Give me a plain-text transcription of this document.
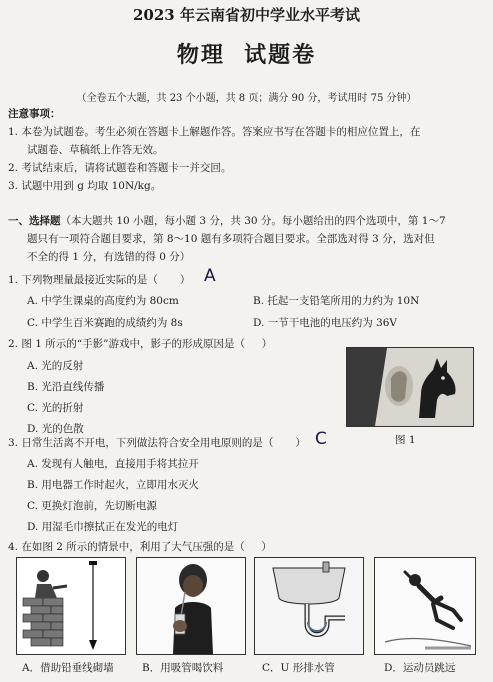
2023 年云南省初中学业水平考试
物理  试题卷
（全卷五个大题，共 23 个小题，共 8 页；满分 90 分，考试用时 75 分钟）
注意事项：
1. 本卷为试题卷。考生必须在答题卡上解题作答。答案应书写在答题卡的相应位置上，在
试题卷、草稿纸上作答无效。
2. 考试结束后，请将试题卷和答题卡一并交回。
3. 试题中用到 g 均取 10N/kg。
一、选择题（本大题共 10 小题，每小题 3 分，共 30 分。每小题给出的四个选项中，第 1～7
题只有一项符合题目要求，第 8～10 题有多项符合题目要求。全部选对得 3 分，选对但
不全的得 1 分，有选错的得 0 分）
1. 下列物理量最接近实际的是（ ） A
A. 中学生课桌的高度约为 80cm	B. 托起一支铅笔所用的力约为 10N
C. 中学生百米赛跑的成绩约为 8s	D. 一节干电池的电压约为 36V
2. 图 1 所示的“手影”游戏中，影子的形成原因是（     ）
A. 光的反射
B. 光沿直线传播
C. 光的折射
D. 光的色散
图 1
3. 日常生活离不开电，下列做法符合安全用电原则的是（ ） C
A. 发现有人触电，直接用手将其拉开
B. 用电器工作时起火，立即用水灭火
C. 更换灯泡前，先切断电源
D. 用湿毛巾擦拭正在发光的电灯
4. 在如图 2 所示的情景中，利用了大气压强的是（     ）
A．借助铅垂线砌墙	B．用吸管喝饮料	C．U 形排水管	D．运动员跳远
